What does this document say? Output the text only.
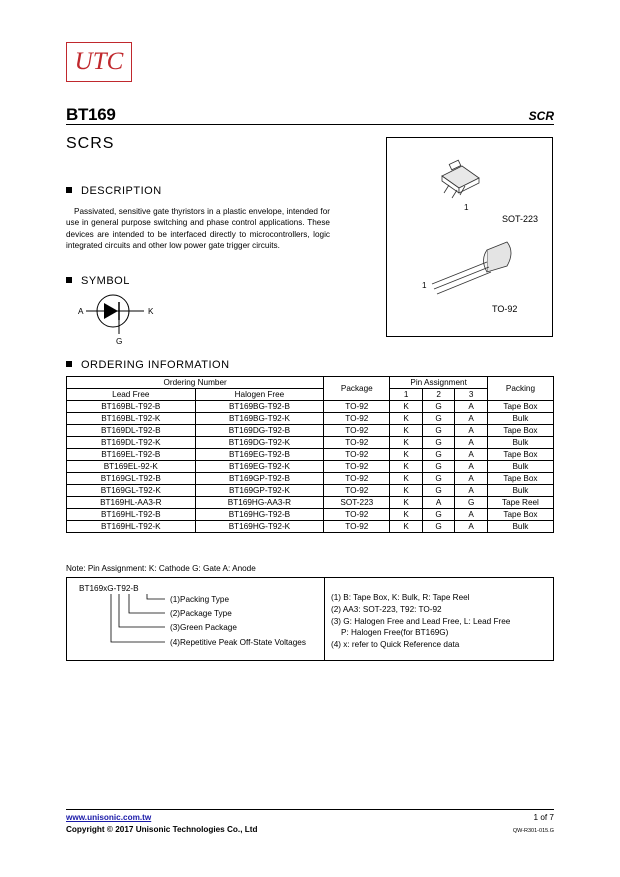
UTC
BT169	SCR
SCRS
1
SOT-223
1
TO-92
DESCRIPTION
Passivated, sensitive gate thyristors in a plastic envelope, intended for use in general purpose switching and phase control applications. These devices are intended to be interfaced directly to microcontrollers, logic integrated circuits and other low power gate trigger circuits.
SYMBOL
A	K
G
ORDERING INFORMATION
Ordering Number		Package	Pin Assignment			Packing
Lead Free	Halogen Free		1	2	3	
BT169BL-T92-B	BT169BG-T92-B	TO-92	K	G	A	Tape Box
BT169BL-T92-K	BT169BG-T92-K	TO-92	K	G	A	Bulk
BT169DL-T92-B	BT169DG-T92-B	TO-92	K	G	A	Tape Box
BT169DL-T92-K	BT169DG-T92-K	TO-92	K	G	A	Bulk
BT169EL-T92-B	BT169EG-T92-B	TO-92	K	G	A	Tape Box
BT169EL-92-K	BT169EG-T92-K	TO-92	K	G	A	Bulk
BT169GL-T92-B	BT169GP-T92-B	TO-92	K	G	A	Tape Box
BT169GL-T92-K	BT169GP-T92-K	TO-92	K	G	A	Bulk
BT169HL-AA3-R	BT169HG-AA3-R	SOT-223	K	A	G	Tape Reel
BT169HL-T92-B	BT169HG-T92-B	TO-92	K	G	A	Tape Box
BT169HL-T92-K	BT169HG-T92-K	TO-92	K	G	A	Bulk
Note: Pin Assignment: K: Cathode G: Gate A: Anode
BT169xG-T92-B
(1)Packing Type
(2)Package Type
(3)Green Package
(4)Repetitive Peak Off-State Voltages
(1) B: Tape Box, K: Bulk, R: Tape Reel
(2) AA3: SOT-223, T92: TO-92
(3) G: Halogen Free and Lead Free, L: Lead Free
P: Halogen Free(for BT169G)
(4) x: refer to Quick Reference data
www.unisonic.com.tw
Copyright © 2017 Unisonic Technologies Co., Ltd
1 of 7
QW-R301-015.G
